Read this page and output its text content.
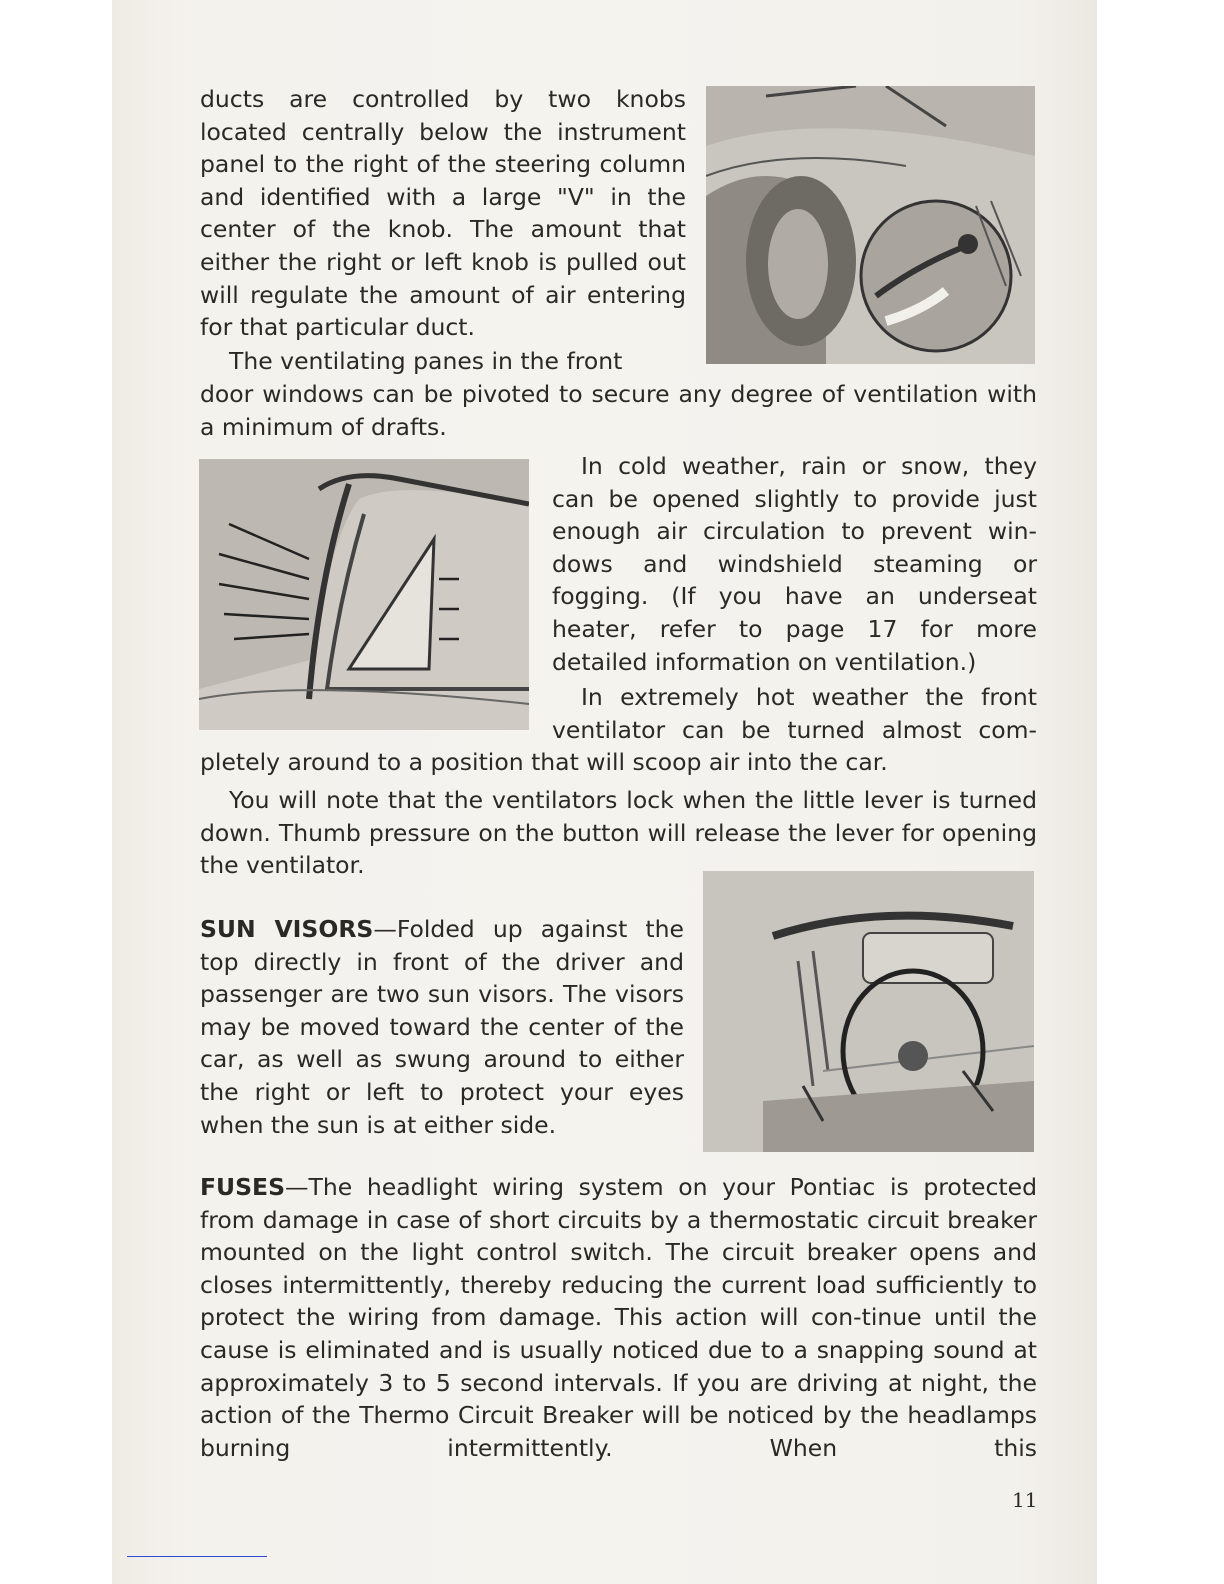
ducts are controlled by two knobs located centrally below the instrument panel to the right of the steering column and identified with a large "V" in the center of the knob. The amount that either the right or left knob is pulled out will regulate the amount of air entering for that particular duct.

The ventilating panes in the front

door windows can be pivoted to secure any degree of ventilation with a minimum of drafts.

In cold weather, rain or snow, they can be opened slightly to provide just enough air circulation to prevent win-dows and windshield steaming or fogging. (If you have an underseat heater, refer to page 17 for more detailed information on ventilation.)

In extremely hot weather the front ventilator can be turned almost com-

pletely around to a position that will scoop air into the car.

You will note that the ventilators lock when the little lever is turned down. Thumb pressure on the button will release the lever for opening the ventilator.

SUN VISORS—Folded up against the top directly in front of the driver and passenger are two sun visors. The visors may be moved toward the center of the car, as well as swung around to either the right or left to protect your eyes when the sun is at either side.

FUSES—The headlight wiring system on your Pontiac is protected from damage in case of short circuits by a thermostatic circuit breaker mounted on the light control switch. The circuit breaker opens and closes intermittently, thereby reducing the current load sufficiently to protect the wiring from damage. This action will con-tinue until the cause is eliminated and is usually noticed due to a snapping sound at approximately 3 to 5 second intervals. If you are driving at night, the action of the Thermo Circuit Breaker will be noticed by the headlamps burning intermittently. When this

11
